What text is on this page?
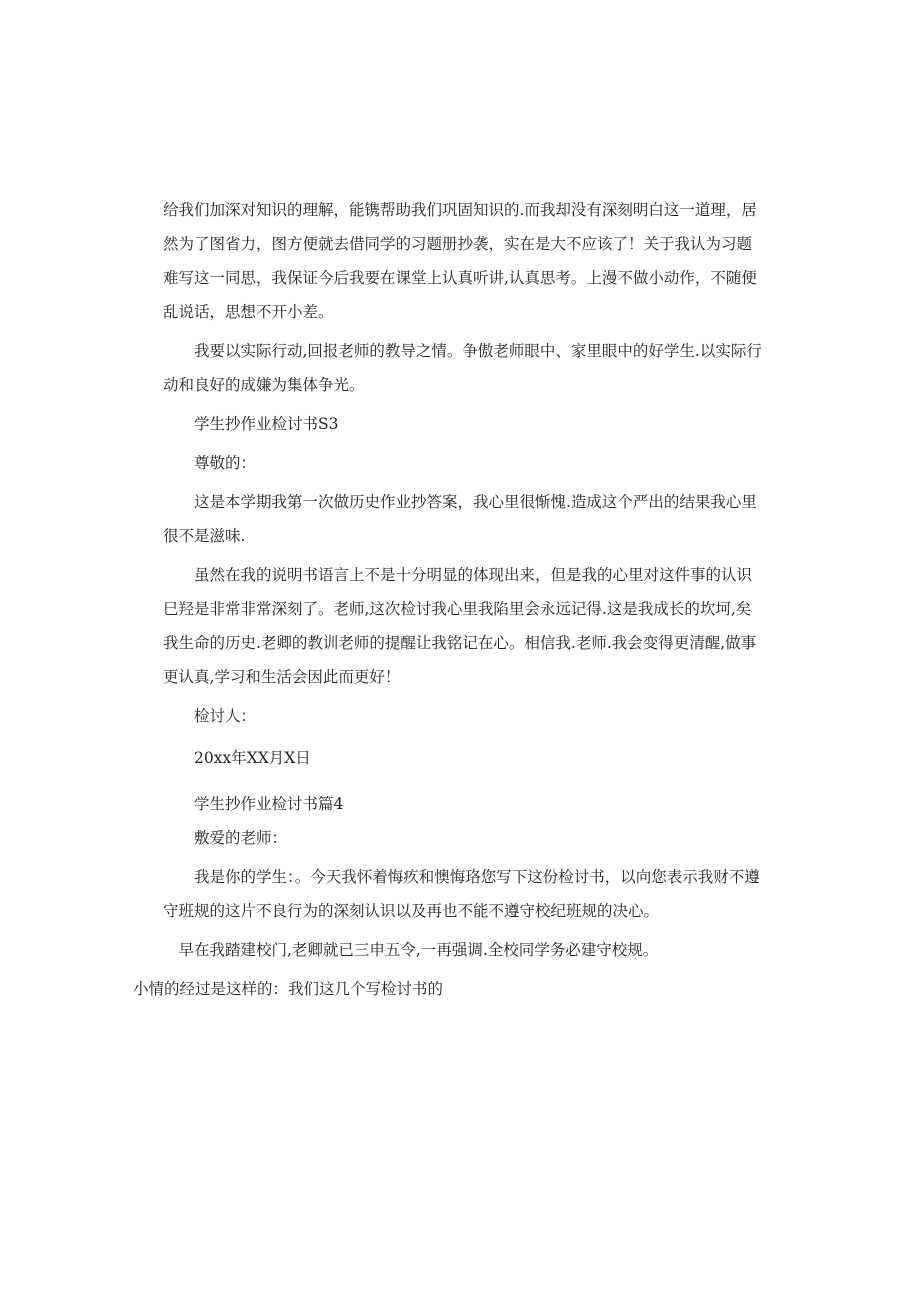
给我们加深对知识的理解，能镌帮助我们巩固知识的.而我却没有深刻明白这一道理，居然为了图省力，图方便就去借同学的习题册抄袭，实在是大不应该了！关于我认为习题难写这一同思，我保证今后我要在课堂上认真听讲,认真思考。上漫不做小动作，不随便乱说话，思想不开小差。

我要以实际行动,回报老师的教导之情。争傲老师眼中、家里眼中的好学生.以实际行动和良好的成嫌为集体争光。

学生抄作业检讨书S3

尊敬的：

这是本学期我第一次做历史作业抄答案，我心里很惭愧.造成这个严出的结果我心里很不是滋味.

虽然在我的说明书语言上不是十分明显的体现出来，但是我的心里对这件事的认识巳羟是非常非常深刻了。老师,这次检讨我心里我陷里会永远记得.这是我成长的坎坷,矣我生命的历史.老卿的教训老师的提醒让我铭记在心。相信我.老师.我会变得更清醒,做事更认真,学习和生活会因此而更好！

检讨人：

20xx年XX月X日

学生抄作业检讨书篇4

敷爱的老师：

我是你的学生：。今天我怀着悔疚和懊悔珞您写下这份检讨书，以向您表示我财不遵守班规的这片不良行为的深刻认识以及再也不能不遵守校纪班规的决心。

早在我踏建校门,老卿就已三申五令,一再强调.全校同学务必建守校规。

小情的经过是这样的：我们这几个写检讨书的
